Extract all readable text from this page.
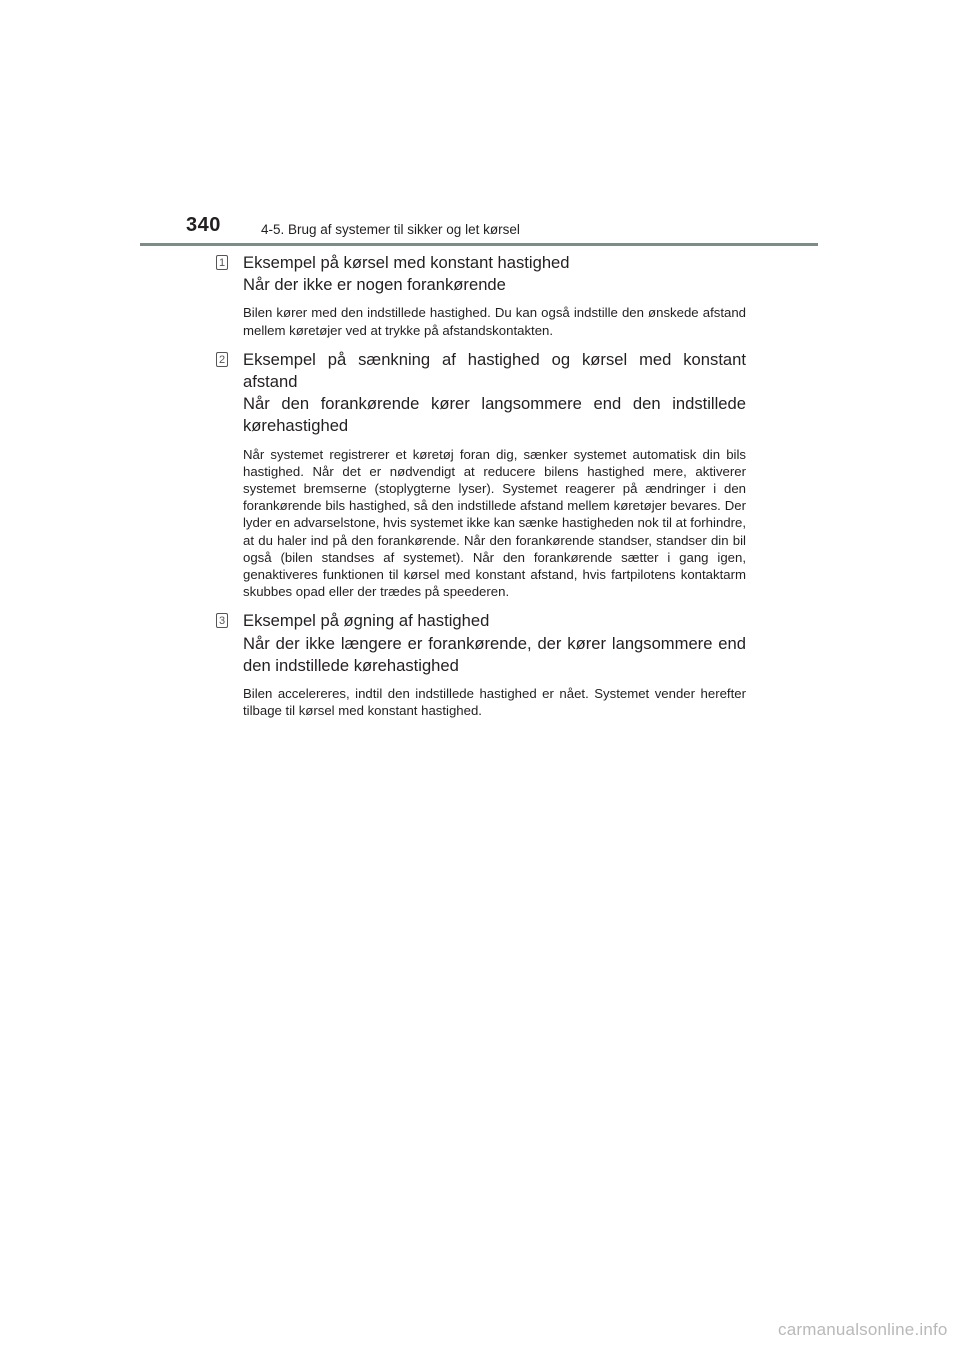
340	4-5. Brug af systemer til sikker og let kørsel
1 Eksempel på kørsel med konstant hastighed
Når der ikke er nogen forankørende
Bilen kører med den indstillede hastighed. Du kan også indstille den ønskede afstand mellem køretøjer ved at trykke på afstandskontakten.
2 Eksempel på sænkning af hastighed og kørsel med konstant afstand
Når den forankørende kører langsommere end den indstillede kørehastighed
Når systemet registrerer et køretøj foran dig, sænker systemet automatisk din bils hastighed. Når det er nødvendigt at reducere bilens hastighed mere, aktiverer systemet bremserne (stoplygterne lyser). Systemet reagerer på ændringer i den forankørende bils hastighed, så den indstillede afstand mellem køretøjer bevares. Der lyder en advarselstone, hvis systemet ikke kan sænke hastigheden nok til at forhindre, at du haler ind på den forankørende. Når den forankørende standser, standser din bil også (bilen standses af systemet). Når den forankørende sætter i gang igen, genaktiveres funktionen til kørsel med konstant afstand, hvis fartpilotens kontaktarm skubbes opad eller der trædes på speederen.
3 Eksempel på øgning af hastighed
Når der ikke længere er forankørende, der kører langsommere end den indstillede kørehastighed
Bilen accelereres, indtil den indstillede hastighed er nået. Systemet vender herefter tilbage til kørsel med konstant hastighed.
carmanualsonline.info
